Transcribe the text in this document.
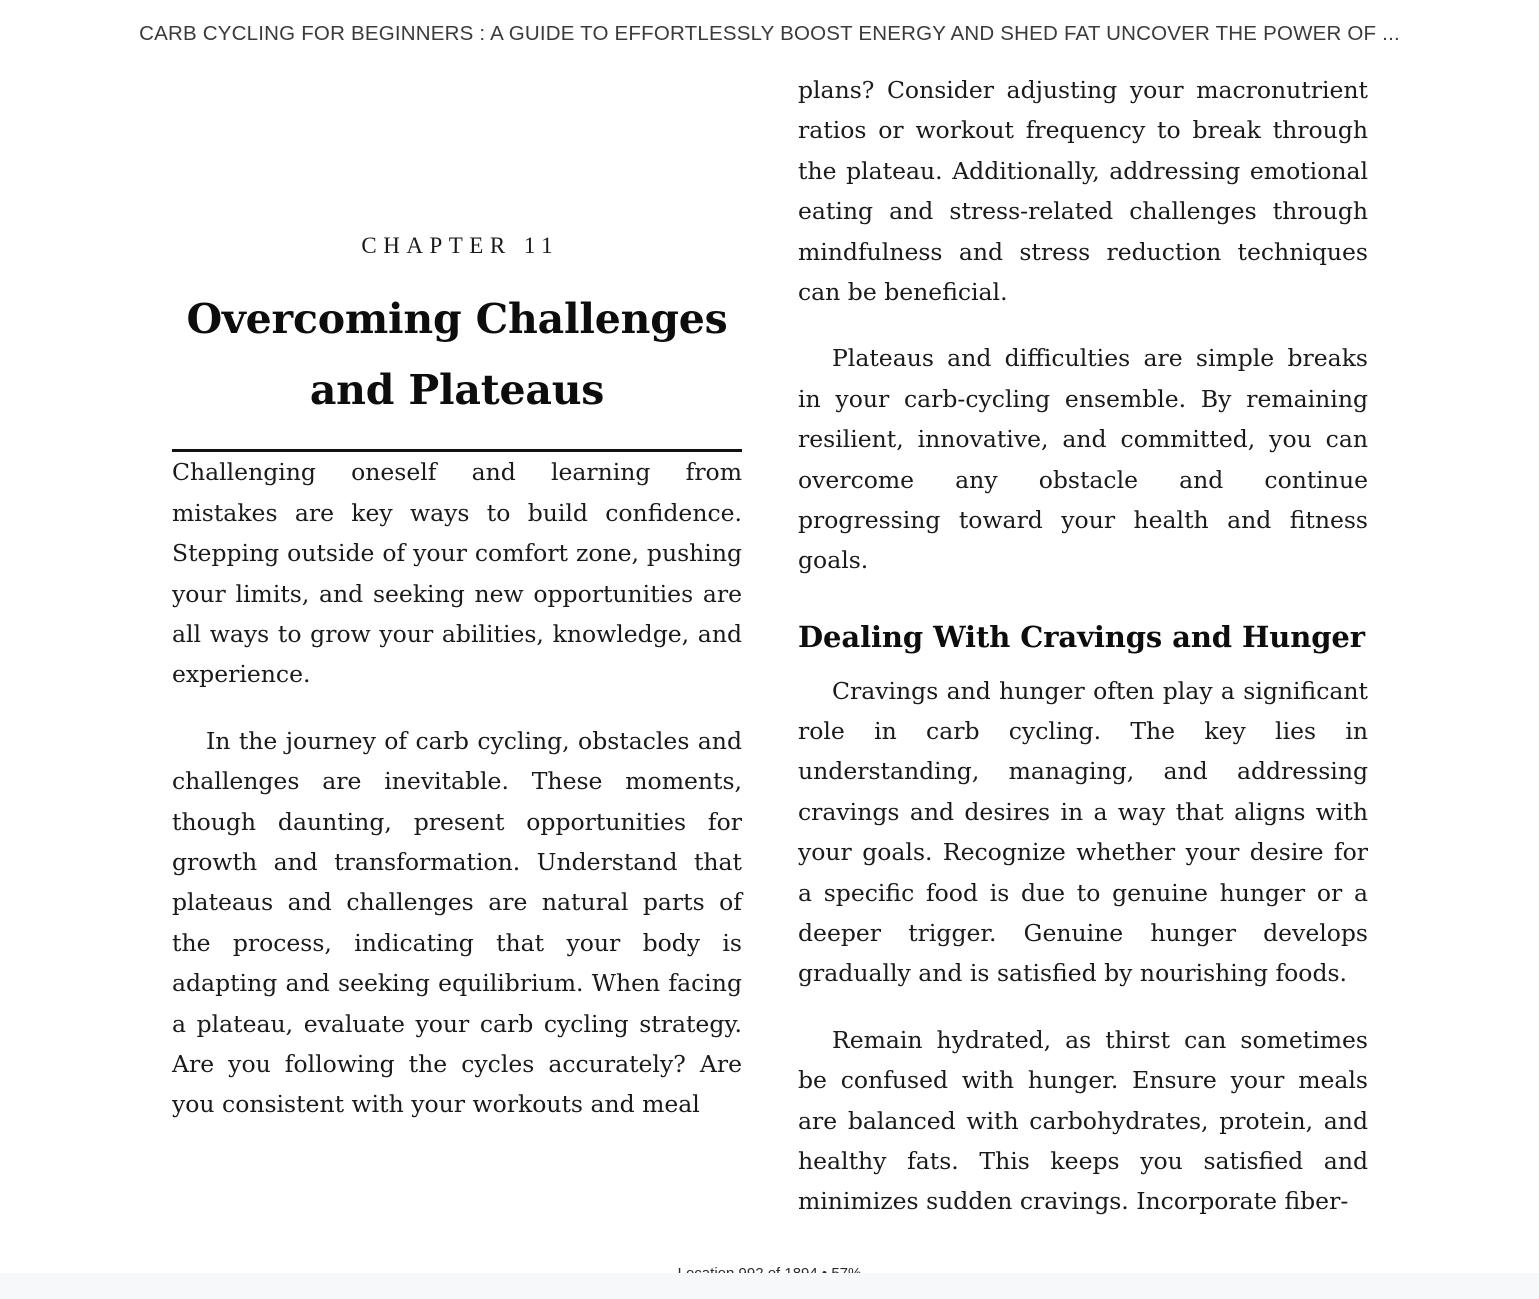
CARB CYCLING FOR BEGINNERS : A GUIDE TO EFFORTLESSLY BOOST ENERGY AND SHED FAT UNCOVER THE POWER OF ...
CHAPTER 11
Overcoming Challenges
and Plateaus

Challenging oneself and learning from mistakes are key ways to build confidence. Stepping outside of your comfort zone, pushing your limits, and seeking new opportunities are all ways to grow your abilities, knowledge, and experience.

In the journey of carb cycling, obstacles and challenges are inevitable. These moments, though daunting, present opportunities for growth and transformation. Understand that plateaus and challenges are natural parts of the process, indicating that your body is adapting and seeking equilibrium. When facing a plateau, evaluate your carb cycling strategy. Are you following the cycles accurately? Are you consistent with your workouts and meal

plans? Consider adjusting your macronutrient ratios or workout frequency to break through the plateau. Additionally, addressing emotional eating and stress-related challenges through mindfulness and stress reduction techniques can be beneficial.

Plateaus and difficulties are simple breaks in your carb-cycling ensemble. By remaining resilient, innovative, and committed, you can overcome any obstacle and continue progressing toward your health and fitness goals.

Dealing With Cravings and Hunger

Cravings and hunger often play a significant role in carb cycling. The key lies in understanding, managing, and addressing cravings and desires in a way that aligns with your goals. Recognize whether your desire for a specific food is due to genuine hunger or a deeper trigger. Genuine hunger develops gradually and is satisfied by nourishing foods.

Remain hydrated, as thirst can sometimes be confused with hunger. Ensure your meals are balanced with carbohydrates, protein, and healthy fats. This keeps you satisfied and minimizes sudden cravings. Incorporate fiber-
